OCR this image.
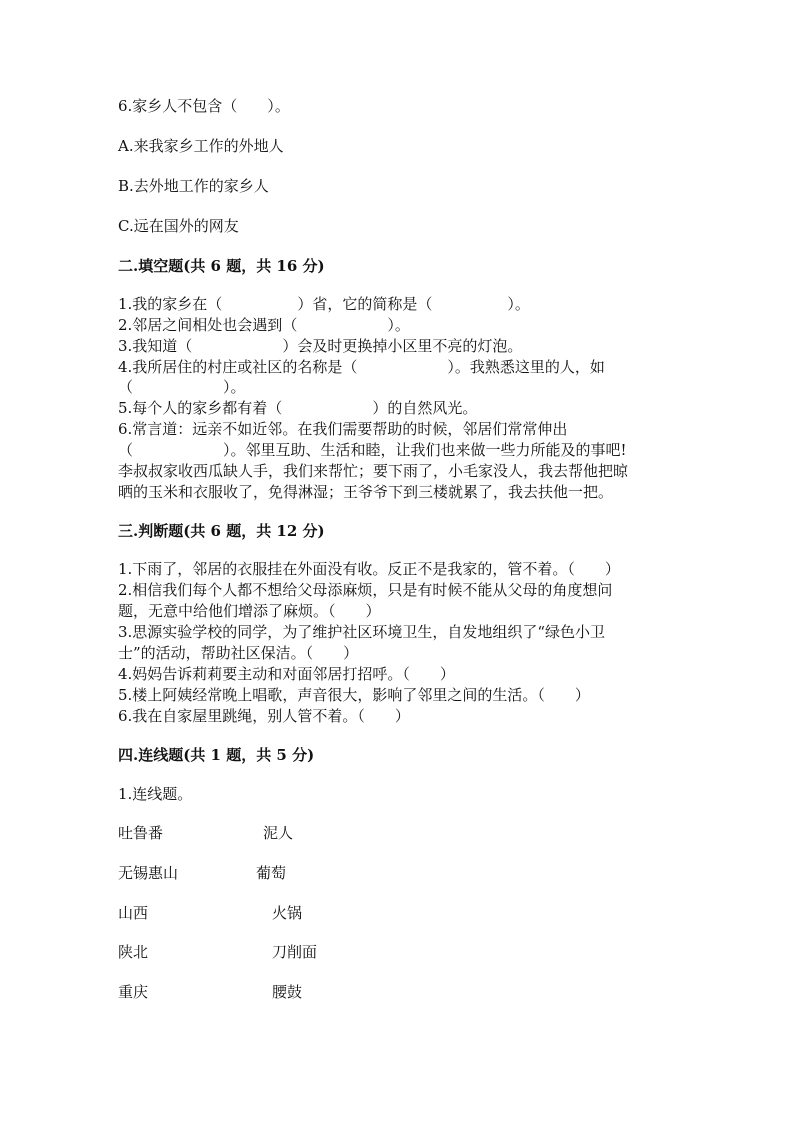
6.家乡人不包含（　　）。
A.来我家乡工作的外地人
B.去外地工作的家乡人
C.远在国外的网友
二.填空题(共 6 题，共 16 分)
1.我的家乡在（　　　　　）省，它的简称是（　　　　　）。
2.邻居之间相处也会遇到（　　　　　　）。
3.我知道（　　　　　　）会及时更换掉小区里不亮的灯泡。
4.我所居住的村庄或社区的名称是（　　　　　　）。我熟悉这里的人，如
（　　　　　　）。
5.每个人的家乡都有着（　　　　　　）的自然风光。
6.常言道：远亲不如近邻。在我们需要帮助的时候，邻居们常常伸出
（　　　　　　）。邻里互助、生活和睦，让我们也来做一些力所能及的事吧!
李叔叔家收西瓜缺人手，我们来帮忙；要下雨了，小毛家没人，我去帮他把晾
晒的玉米和衣服收了，免得淋湿；王爷爷下到三楼就累了，我去扶他一把。
三.判断题(共 6 题，共 12 分)
1.下雨了，邻居的衣服挂在外面没有收。反正不是我家的，管不着。（　　）
2.相信我们每个人都不想给父母添麻烦，只是有时候不能从父母的角度想问
题，无意中给他们增添了麻烦。（　　）
3.思源实验学校的同学，为了维护社区环境卫生，自发地组织了“绿色小卫
士”的活动，帮助社区保洁。（　　）
4.妈妈告诉莉莉要主动和对面邻居打招呼。（　　）
5.楼上阿姨经常晚上唱歌，声音很大，影响了邻里之间的生活。（　　）
6.我在自家屋里跳绳，别人管不着。（　　）
四.连线题(共 1 题，共 5 分)
1.连线题。
吐鲁番	泥人
无锡惠山	葡萄
山西	火锅
陕北	刀削面
重庆	腰鼓
